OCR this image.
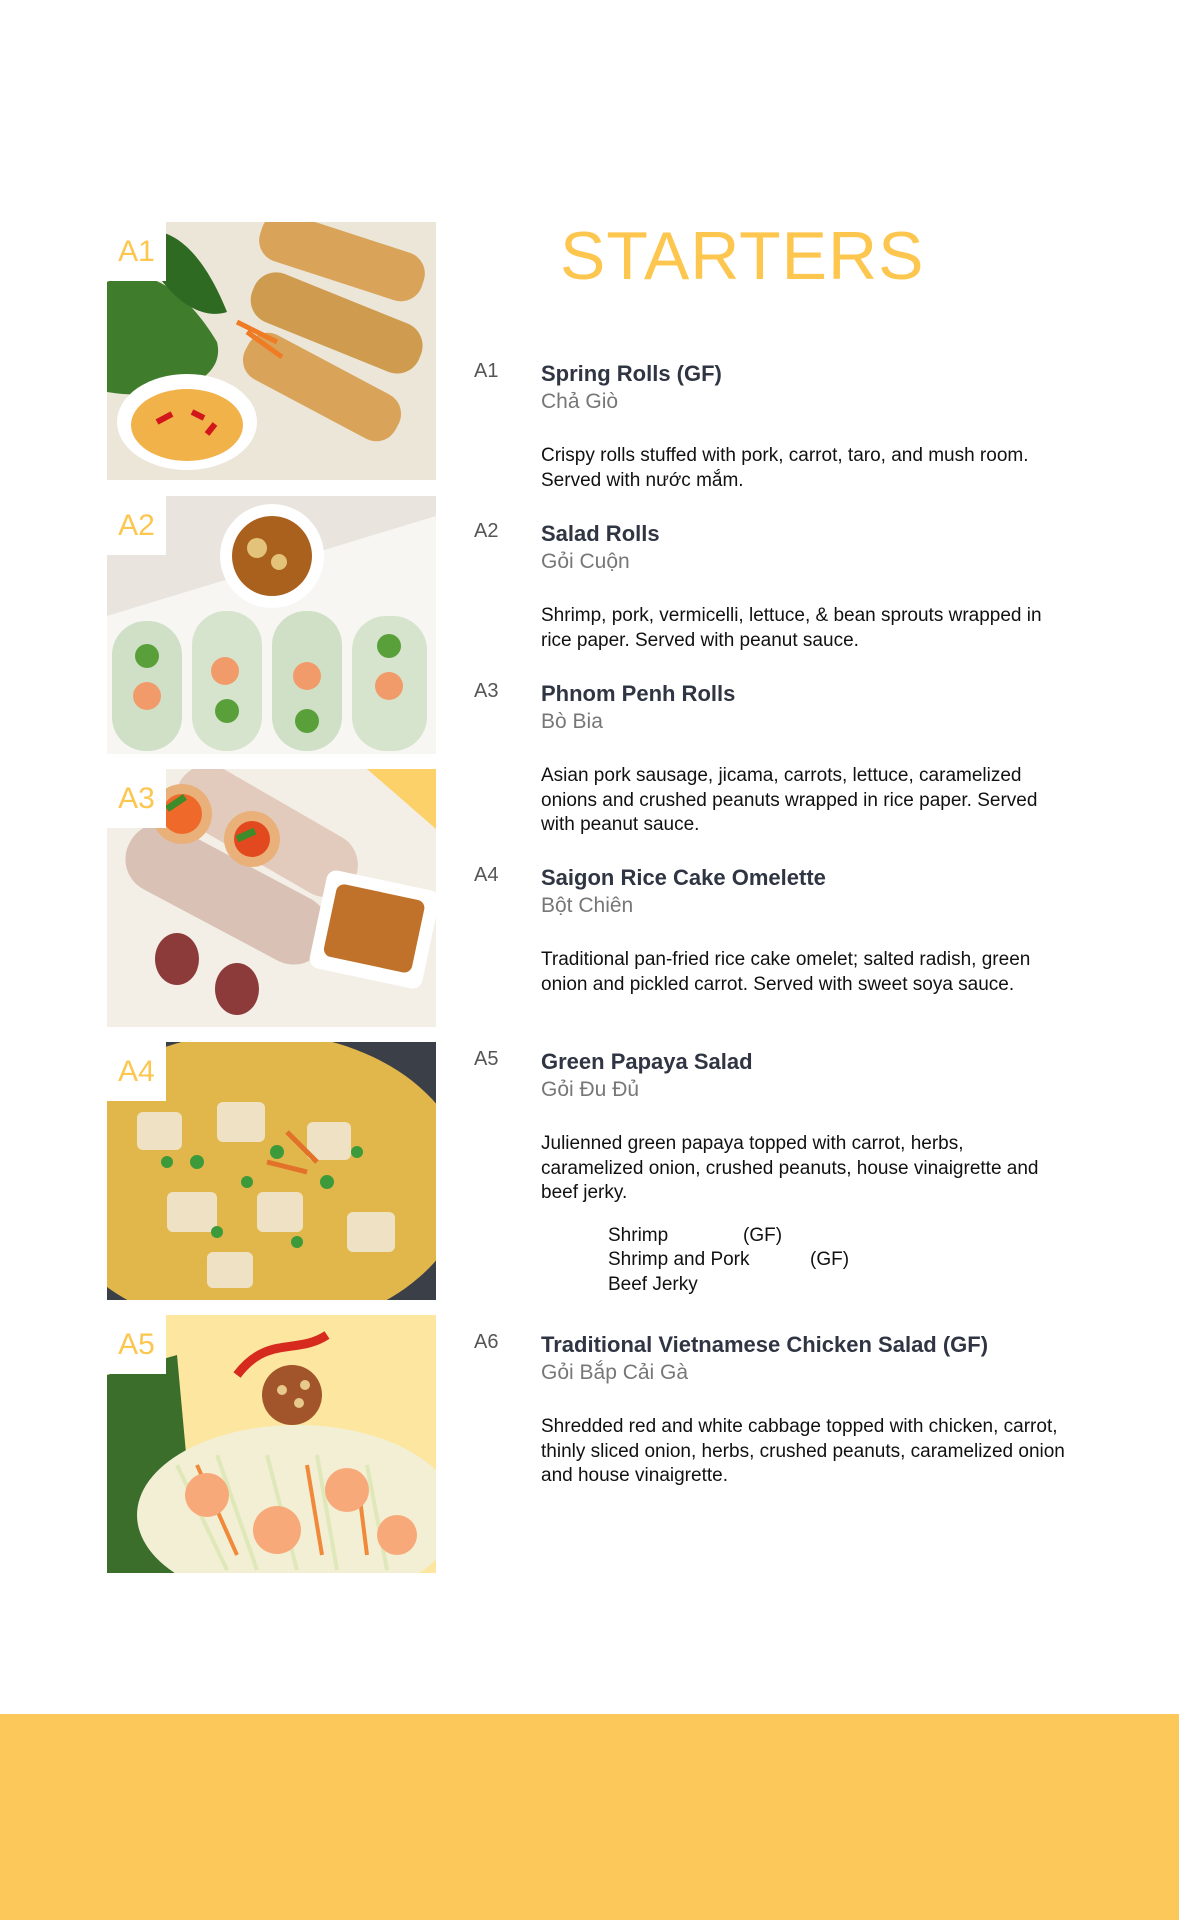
A1
A2
A3
A4
A5
STARTERS
A1 Spring Rolls (GF)
Chả Giò
Crispy rolls stuffed with pork, carrot, taro, and mush room. Served with nước mắm.
A2 Salad Rolls
Gỏi Cuộn
Shrimp, pork, vermicelli, lettuce, & bean sprouts wrapped in rice paper. Served with peanut sauce.
A3 Phnom Penh Rolls
Bò Bia
Asian pork sausage, jicama, carrots, lettuce, caramelized onions and crushed peanuts wrapped in rice paper. Served with peanut sauce.
A4 Saigon Rice Cake Omelette
Bột Chiên
Traditional pan-fried rice cake omelet; salted radish, green onion and pickled carrot. Served with sweet soya sauce.
A5 Green Papaya Salad
Gỏi Đu Đủ
Julienned green papaya topped with carrot, herbs, caramelized onion, crushed peanuts, house vinaigrette and beef jerky.
Shrimp	(GF)
Shrimp and Pork	(GF)
Beef Jerky
A6 Traditional Vietnamese Chicken Salad (GF)
Gỏi Bắp Cải Gà
Shredded red and white cabbage topped with chicken, carrot, thinly sliced onion, herbs, crushed peanuts, caramelized onion and house vinaigrette.
